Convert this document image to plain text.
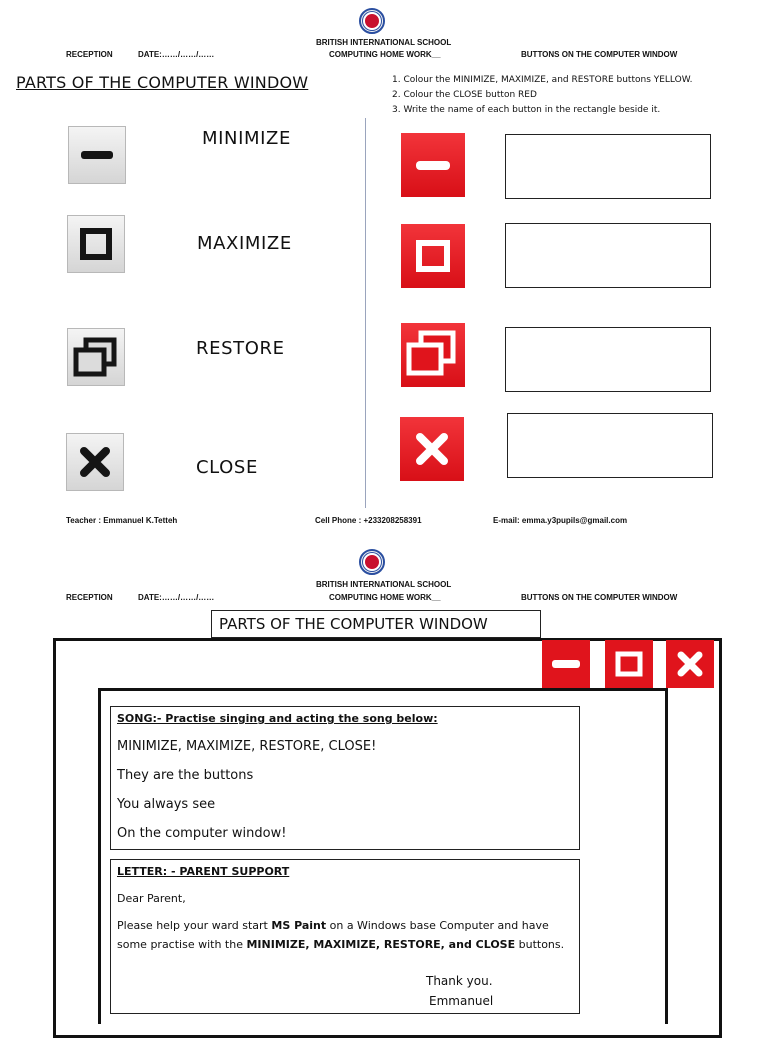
BRITISH INTERNATIONAL SCHOOL
RECEPTION	DATE:……/……/……	COMPUTING HOME WORK__	BUTTONS ON THE COMPUTER WINDOW
PARTS OF THE COMPUTER WINDOW	1. Colour the MINIMIZE, MAXIMIZE, and RESTORE buttons YELLOW.
2. Colour the CLOSE button RED
3. Write the name of each button in the rectangle beside it.
MINIMIZE
MAXIMIZE
RESTORE
CLOSE
Teacher : Emmanuel K.Tetteh	Cell Phone : +233208258391	E-mail: emma.y3pupils@gmail.com
BRITISH INTERNATIONAL SCHOOL
RECEPTION	DATE:……/……/……	COMPUTING HOME WORK__	BUTTONS ON THE COMPUTER WINDOW
PARTS OF THE COMPUTER WINDOW
SONG:- Practise singing and acting the song below:
MINIMIZE, MAXIMIZE, RESTORE, CLOSE!
They are the buttons
You always see
On the computer window!
LETTER: - PARENT SUPPORT
Dear Parent,
Please help your ward start MS Paint on a Windows base Computer and have some practise with the MINIMIZE, MAXIMIZE, RESTORE, and CLOSE buttons.
Thank you.
Emmanuel
